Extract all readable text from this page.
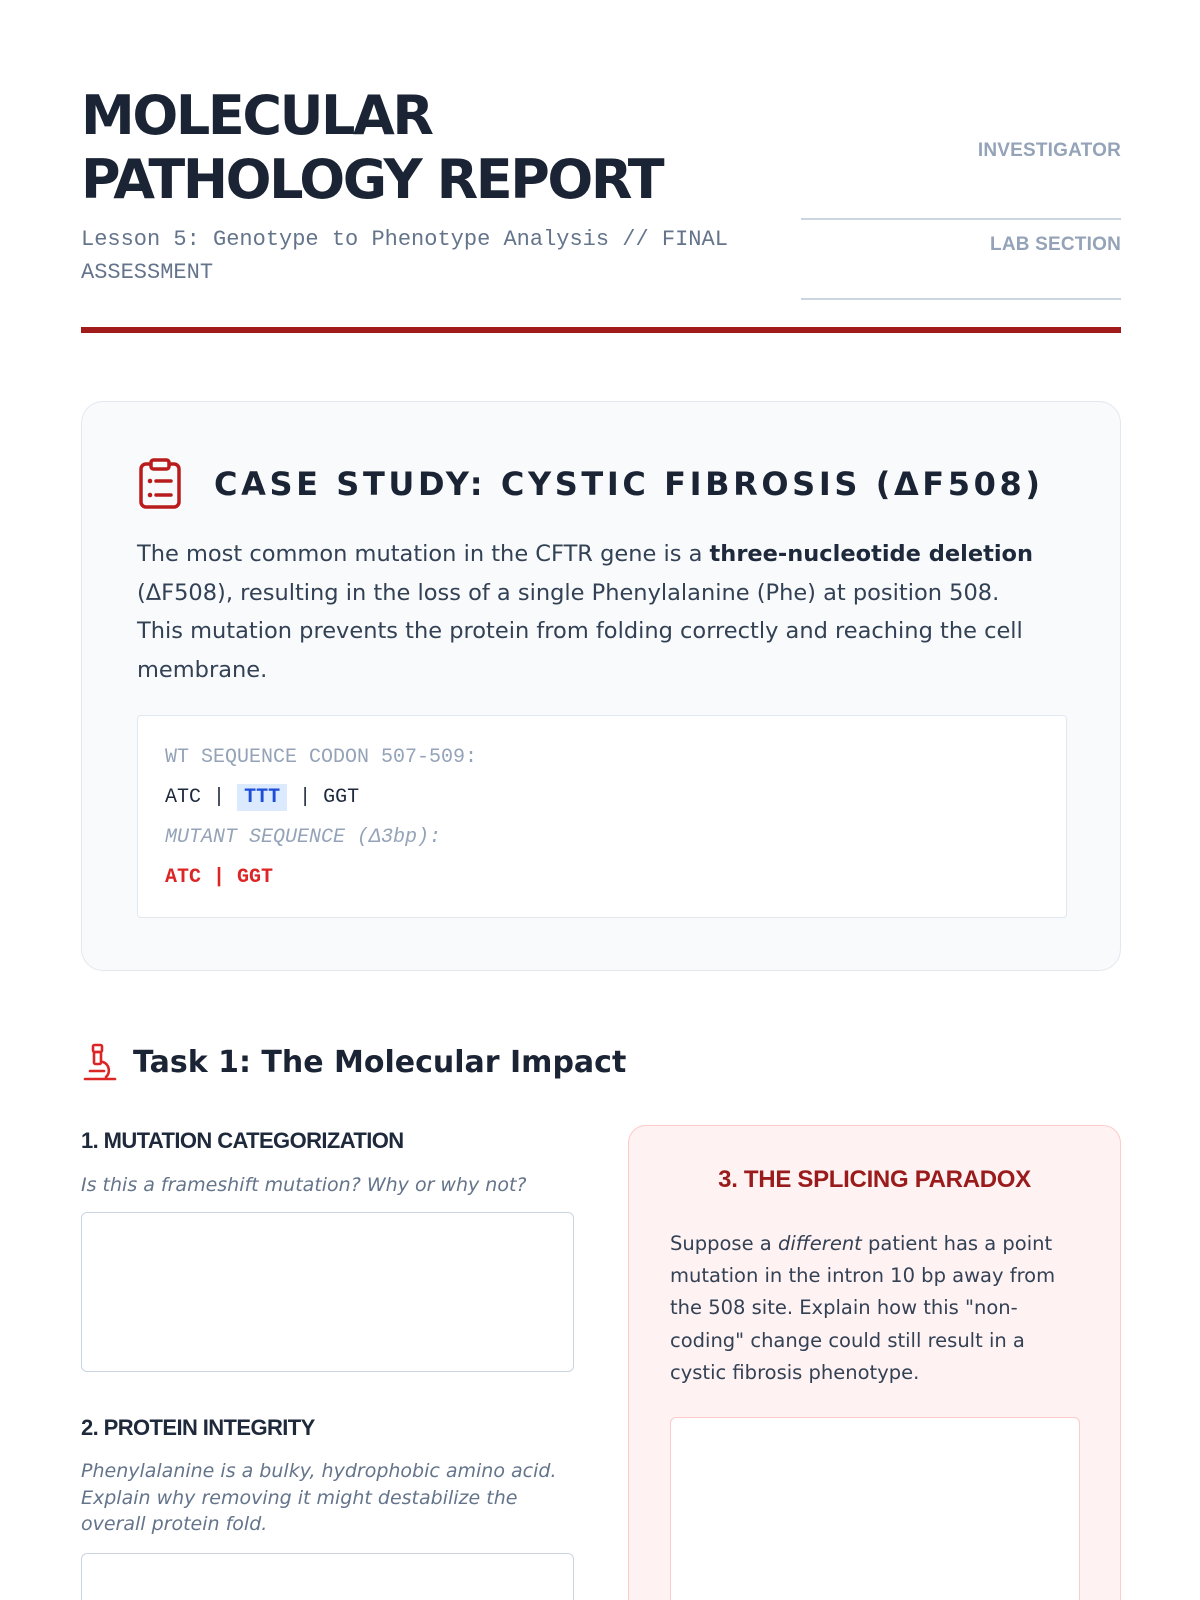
MOLECULAR
PATHOLOGY REPORT
Lesson 5: Genotype to Phenotype Analysis // FINAL ASSESSMENT
INVESTIGATOR
LAB SECTION
CASE STUDY: CYSTIC FIBROSIS (ΔF508)

The most common mutation in the CFTR gene is a three-nucleotide deletion (ΔF508), resulting in the loss of a single Phenylalanine (Phe) at position 508. This mutation prevents the protein from folding correctly and reaching the cell membrane.

WT SEQUENCE CODON 507-509:
ATC | TTT | GGT
MUTANT SEQUENCE (Δ3bp):
ATC | GGT
Task 1: The Molecular Impact
1. MUTATION CATEGORIZATION
Is this a frameshift mutation? Why or why not?
2. PROTEIN INTEGRITY
Phenylalanine is a bulky, hydrophobic amino acid. Explain why removing it might destabilize the overall protein fold.
3. THE SPLICING PARADOX

Suppose a different patient has a point mutation in the intron 10 bp away from the 508 site. Explain how this "non-coding" change could still result in a cystic fibrosis phenotype.
